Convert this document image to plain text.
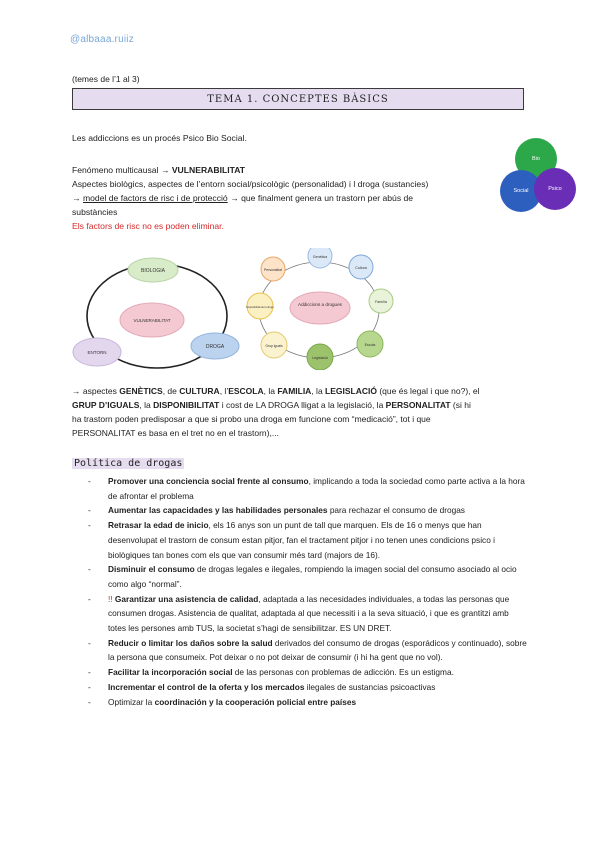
@albaaa.ruiiz
(temes de l’1 al 3)
TEMA 1. CONCEPTES BÀSICS
Les addiccions es un procés Psico Bio Social.
Fenómeno multicausal → VULNERABILITAT
Aspectes biològics, aspectes de l’entorn social/psicològic (personalidad) i l droga (sustancies)
→ model de factors de risc i de protecció → que finalment genera un trastorn per abús de
substàncies
Els factors de risc no es poden eliminar.
Bio
Social	Psico
BIOLOGIA
VULNERABILITAT
DROGA
ENTORN
Addiccions a drogues
Genètica
Cultura
Família
Escola
Legislació
Grup iguals
Disponibilitat de la droga
Personalitat
→ aspectes GENÈTICS, de CULTURA, l’ESCOLA, la FAMILIA, la LEGISLACIÓ (que és legal i que no?), el
GRUP D’IGUALS, la DISPONIBILITAT i cost de LA DROGA lligat a la legislació, la PERSONALITAT (si hi
ha trastorn poden predisposar a que si probo una droga em funcione com “medicació”, tot i que
PERSONALITAT es basa en el tret no en el trastorn),...
Política de drogas
- Promover una conciencia social frente al consumo, implicando a toda la sociedad como parte activa a la hora de afrontar el problema
- Aumentar las capacidades y las habilidades personales para rechazar el consumo de drogas
- Retrasar la edad de inicio, els 16 anys son un punt de tall que marquen. Els de 16 o menys que han desenvolupat el trastorn de consum estan pitjor, fan el tractament pitjor i no tenen unes condicions psico i biològiques tan bones com els que van consumir més tard (majors de 16).
- Disminuir el consumo de drogas legales e ilegales, rompiendo la imagen social del consumo asociado al ocio como algo “normal”.
- !! Garantizar una asistencia de calidad, adaptada a las necesidades individuales, a todas las personas que consumen drogas. Asistencia de qualitat, adaptada al que necessiti i a la seva situació, i que es grantitzi amb totes les persones amb TUS, la societat s’hagi de sensibilitzar. ES UN DRET.
- Reducir o limitar los daños sobre la salud derivados del consumo de drogas (esporádicos y continuado), sobre la persona que consumeix. Pot deixar o no pot deixar de consumir (i hi ha gent que no vol).
- Facilitar la incorporación social de las personas con problemas de adicción. Es un estigma.
- Incrementar el control de la oferta y los mercados ilegales de sustancias psicoactivas
- Optimizar la coordinación y la cooperación policial entre países
